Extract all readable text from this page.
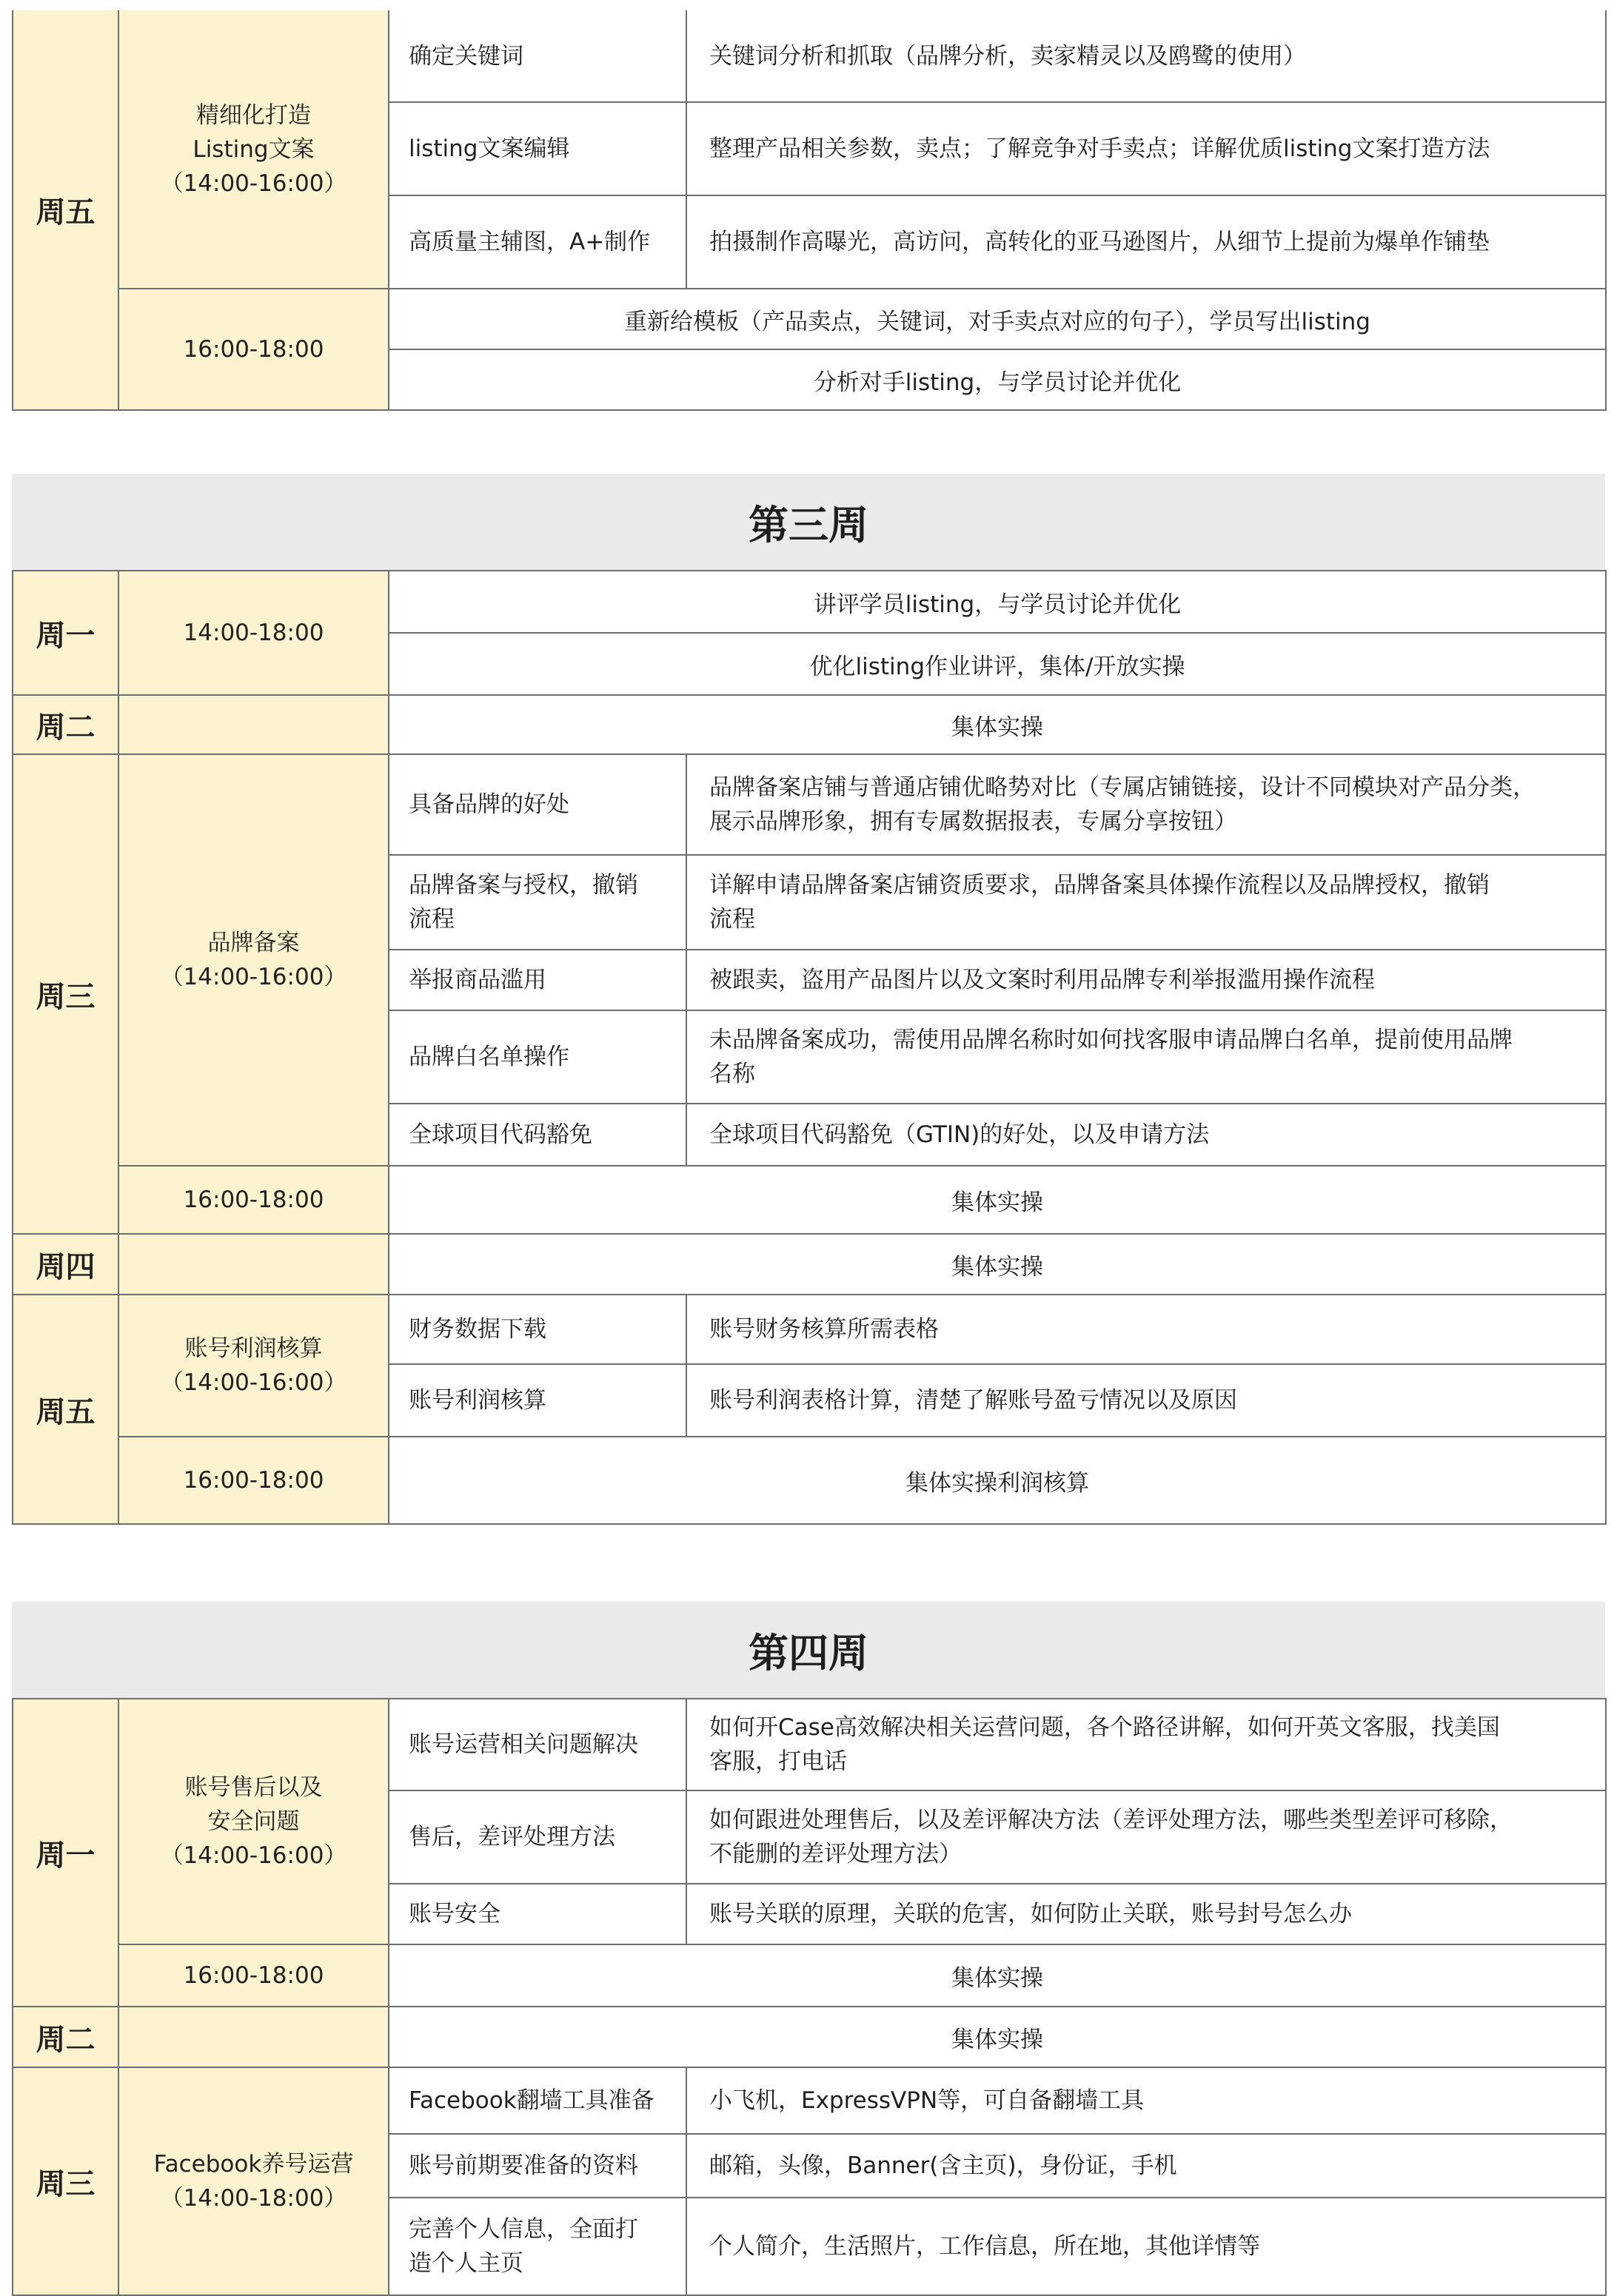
周五	精细化打造
Listing文案
（14:00-16:00）	确定关键词	关键词分析和抓取（品牌分析，卖家精灵以及鸥鹭的使用）
		listing文案编辑	整理产品相关参数，卖点；了解竞争对手卖点；详解优质listing文案打造方法
		高质量主辅图，A+制作	拍摄制作高曝光，高访问，高转化的亚马逊图片，从细节上提前为爆单作铺垫
	16:00-18:00	重新给模板（产品卖点，关键词，对手卖点对应的句子），学员写出listing	
		分析对手listing，与学员讨论并优化	
第三周
周一	14:00-18:00	讲评学员listing，与学员讨论并优化	
		优化listing作业讲评，集体/开放实操	
周二		集体实操	
周三	品牌备案
（14:00-16:00）	具备品牌的好处	品牌备案店铺与普通店铺优略势对比（专属店铺链接，设计不同模块对产品分类，
展示品牌形象，拥有专属数据报表，专属分享按钮）

		品牌备案与授权，撤销
流程	详解申请品牌备案店铺资质要求，品牌备案具体操作流程以及品牌授权，撤销
流程

		举报商品滥用	被跟卖，盗用产品图片以及文案时利用品牌专利举报滥用操作流程

		品牌白名单操作	未品牌备案成功，需使用品牌名称时如何找客服申请品牌白名单，提前使用品牌
名称

		全球项目代码豁免	全球项目代码豁免（GTIN)的好处，以及申请方法

	16:00-18:00	集体实操	
周四		集体实操	
周五	账号利润核算
（14:00-16:00）	财务数据下载	账号财务核算所需表格
		账号利润核算	账号利润表格计算，清楚了解账号盈亏情况以及原因
	16:00-18:00	集体实操利润核算	
第四周
周一	账号售后以及
安全问题
（14:00-16:00）	账号运营相关问题解决	如何开Case高效解决相关运营问题，各个路径讲解，如何开英文客服，找美国
客服，打电话

		售后，差评处理方法	如何跟进处理售后，以及差评解决方法（差评处理方法，哪些类型差评可移除，
不能删的差评处理方法）

		账号安全	账号关联的原理，关联的危害，如何防止关联，账号封号怎么办

	16:00-18:00	集体实操	
周二		集体实操	
周三	Facebook养号运营
（14:00-18:00）	Facebook翻墙工具准备	小飞机，ExpressVPN等，可自备翻墙工具

		账号前期要准备的资料	邮箱，头像，Banner(含主页)，身份证，手机

		完善个人信息，全面打
造个人主页	个人简介，生活照片，工作信息，所在地，其他详情等
